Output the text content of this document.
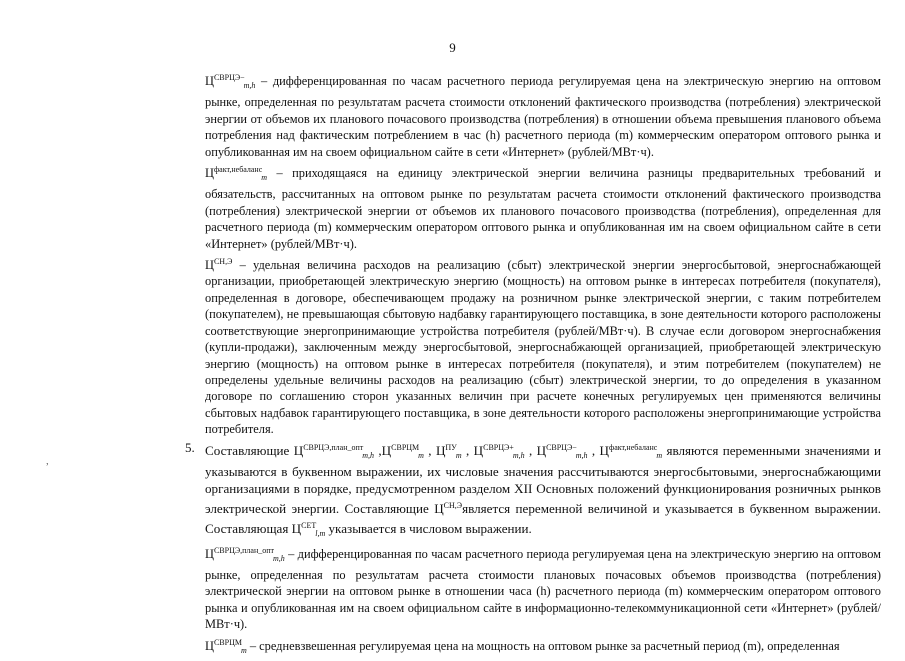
9
,

$Ц^{СВРЦЭ-}_{m,h}$ – дифференцированная по часам расчетного периода регулируемая цена на электрическую энергию на оптовом рынке, определенная по результатам расчета стоимости отклонений фактического производства (потребления) электрической энергии от объемов их планового почасового производства (потребления) в отношении объема превышения планового объема потребления над фактическим потреблением в час (h) расчетного периода (m) коммерческим оператором оптового рынка и опубликованная им на своем официальном сайте в сети «Интернет» (рублей/МВт·ч).

$Ц^{факт,небаланс}_m$ – приходящаяся на единицу электрической энергии величина разницы предварительных требований и обязательств, рассчитанных на оптовом рынке по результатам расчета стоимости отклонений фактического производства (потребления) электрической энергии от объемов их планового почасового производства (потребления), определенная для расчетного периода (m) коммерческим оператором оптового рынка и опубликованная им на своем официальном сайте в сети «Интернет» (рублей/МВт·ч).

$Ц^{СН,Э}$ – удельная величина расходов на реализацию (сбыт) электрической энергии энергосбытовой, энергоснабжающей организации, приобретающей электрическую энергию (мощность) на оптовом рынке в интересах потребителя (покупателя), определенная в договоре, обеспечивающем продажу на розничном рынке электрической энергии, с таким потребителем (покупателем), не превышающая сбытовую надбавку гарантирующего поставщика, в зоне деятельности которого расположены соответствующие энергопринимающие устройства потребителя (рублей/МВт·ч). В случае если договором энергоснабжения (купли-продажи), заключенным между энергосбытовой, энергоснабжающей организацией, приобретающей электрическую энергию (мощность) на оптовом рынке в интересах потребителя (покупателя), и этим потребителем (покупателем) не определены удельные величины расходов на реализацию (сбыт) электрической энергии, то до определения в указанном договоре по соглашению сторон указанных величин при расчете конечных регулируемых цен применяются величины сбытовых надбавок гарантирующего поставщика, в зоне деятельности которого расположены энергопринимающие устройства потребителя.

5. Составляющие $Ц^{СВРЦЭ,план\_опт}_{m,h}$ $,Ц^{СВРЦМ}_m$ , $Ц^{ПУ}_m$ , $Ц^{СВРЦЭ+}_{m,h}$ , $Ц^{СВРЦЭ-}_{m,h}$ , $Ц^{факт,небаланс}_m$ являются переменными значениями и указываются в буквенном выражении, их числовые значения рассчитываются энергосбытовыми, энергоснабжающими организациями в порядке, предусмотренном разделом XII Основных положений функционирования розничных рынков электрической энергии. Составляющие $Ц^{СН,Э}является$ переменной величиной и указывается в буквенном выражении. Составляющая $Ц^{СЕТ}_{l,m}$ указывается в числовом выражении.

$Ц^{СВРЦЭ,план\_опт}_{m,h}$ – дифференцированная по часам расчетного периода регулируемая цена на электрическую энергию на оптовом рынке, определенная по результатам расчета стоимости плановых почасовых объемов производства (потребления) электрической энергии на оптовом рынке в отношении часа (h) расчетного периода (m) коммерческим оператором оптового рынка и опубликованная им на своем официальном сайте в информационно-телекоммуникационной сети «Интернет» (рублей/МВт·ч).

$Ц^{СВРЦМ}_m$ – средневзвешенная регулируемая цена на мощность на оптовом рынке за расчетный период (m), определенная
